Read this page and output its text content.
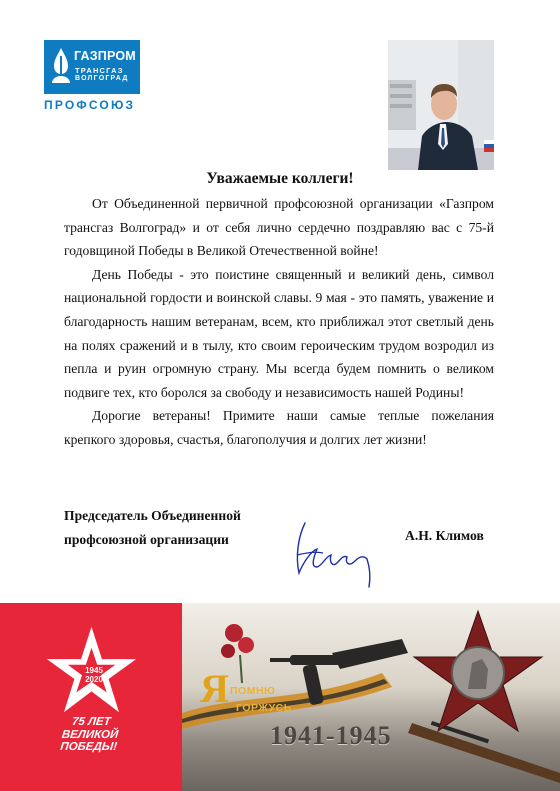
ГАЗПРОМ
ТРАНСГАЗ
ВОЛГОГРАД
ПРОФСОЮЗ
Уважаемые коллеги!

От Объединенной первичной профсоюзной организации «Газпром трансгаз Волгоград» и от себя лично сердечно поздравляю вас с 75-й годовщиной Победы в Великой Отечественной войне!

День Победы - это поистине священный и великий день, символ национальной гордости и воинской славы. 9 мая - это память, уважение и благодарность нашим ветеранам, всем, кто приближал этот светлый день на полях сражений и в тылу, кто своим героическим трудом возродил из пепла и руин огромную страну. Мы всегда будем помнить о великом подвиге тех, кто боролся за свободу и независимость нашей Родины!

Дорогие ветераны! Примите наши самые теплые пожелания крепкого здоровья, счастья, благополучия и долгих лет жизни!

Председатель Объединенной
профсоюзной организации	А.Н. Климов
1945
2020
75 ЛЕТ
ВЕЛИКОЙ
ПОБЕДЫ!
Я ПОМНЮ
ГОРЖУСЬ
1941-1945
